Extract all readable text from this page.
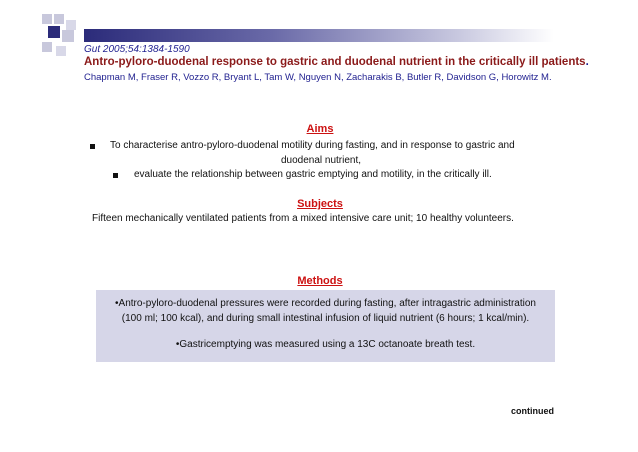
Gut 2005;54:1384-1590
Antro-pyloro-duodenal response to gastric and duodenal nutrient in the critically ill patients.
Chapman M, Fraser R, Vozzo R, Bryant L, Tam W, Nguyen N, Zacharakis B, Butler R, Davidson G, Horowitz M.
Aims
To characterise antro-pyloro-duodenal motility during fasting, and in response to gastric and
duodenal nutrient,
evaluate the relationship between gastric emptying and motility, in the critically ill.
Subjects
Fifteen mechanically ventilated patients from a mixed intensive care unit; 10 healthy volunteers.
Methods
•Antro-pyloro-duodenal pressures were recorded during fasting, after intragastric administration
(100 ml; 100 kcal), and during small intestinal infusion of liquid nutrient (6 hours; 1 kcal/min).
•Gastricemptying was measured using a 13C octanoate breath test.
continued
